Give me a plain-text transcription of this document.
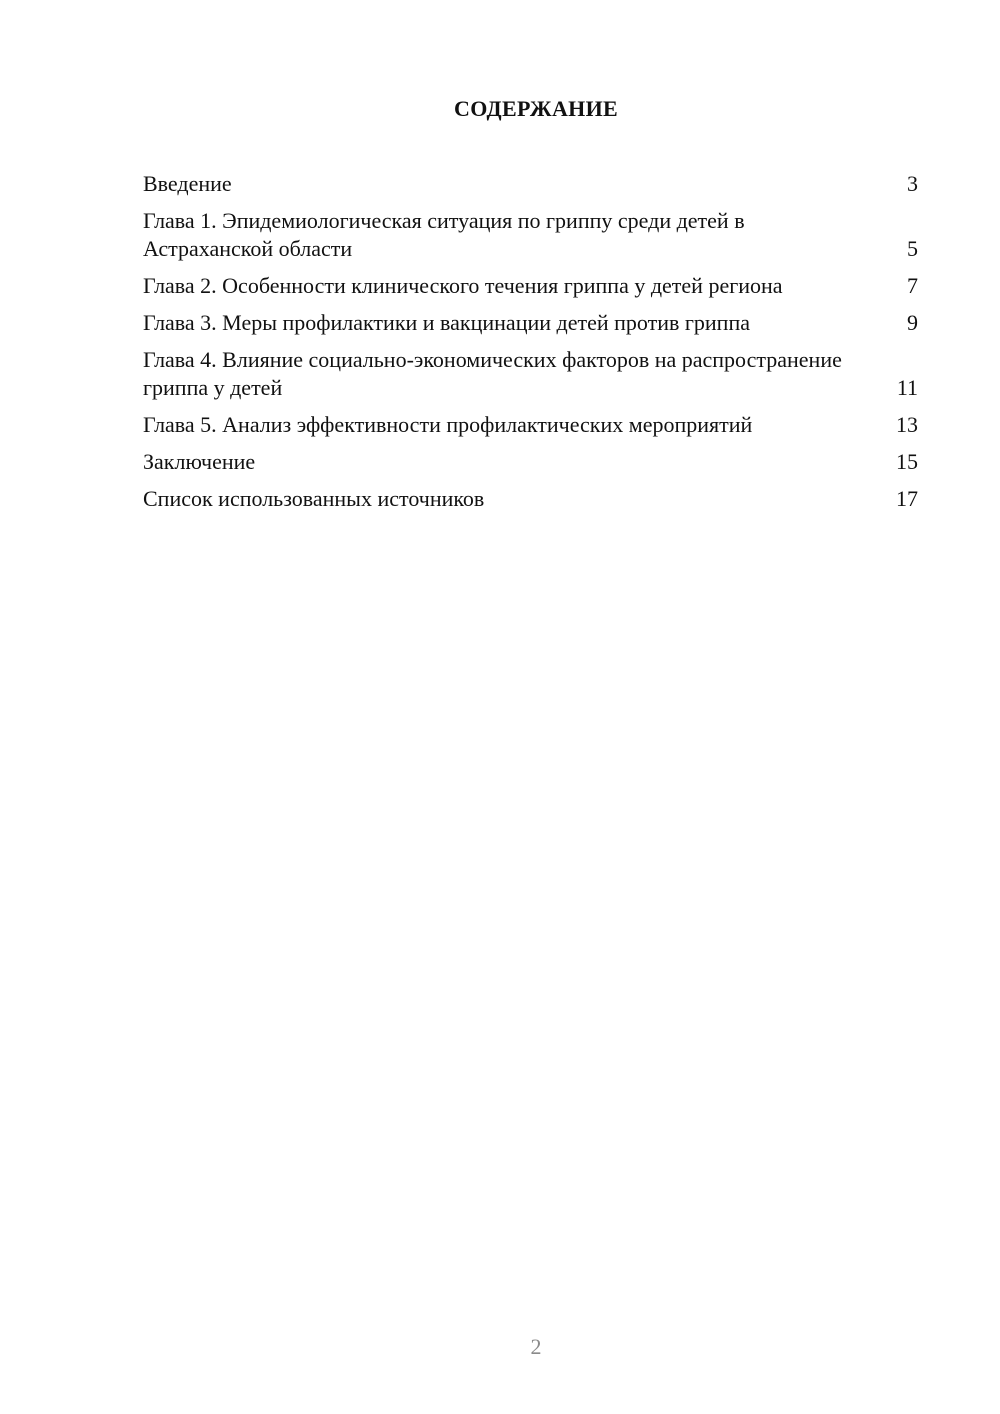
СОДЕРЖАНИЕ
Введение	3
Глава 1. Эпидемиологическая ситуация по гриппу среди детей в Астраханской области	5
Глава 2. Особенности клинического течения гриппа у детей региона	7
Глава 3. Меры профилактики и вакцинации детей против гриппа	9
Глава 4. Влияние социально-экономических факторов на распространение гриппа у детей	11
Глава 5. Анализ эффективности профилактических мероприятий	13
Заключение	15
Список использованных источников	17
2
